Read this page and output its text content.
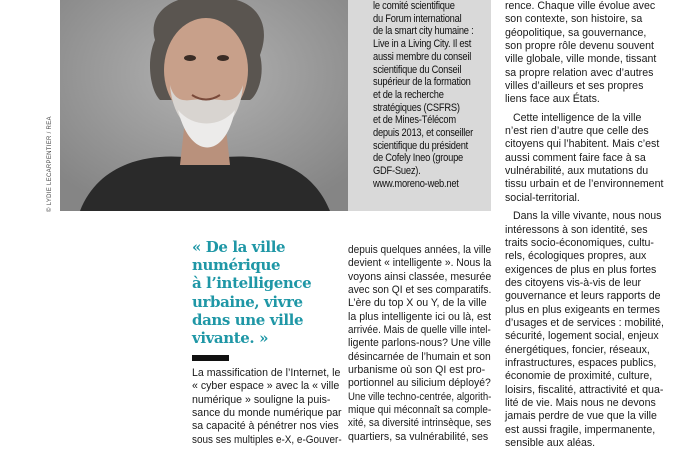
© LYDIE LECARPENTIER / REA
le comité scientifique
du Forum international
de la smart city humaine :
Live in a Living City. Il est
aussi membre du conseil
scientifique du Conseil
supérieur de la formation
et de la recherche
stratégiques (CSFRS)
et de Mines-Télécom
depuis 2013, et conseiller
scientifique du président
de Cofely Ineo (groupe
GDF-Suez).
www.moreno-web.net
rence. Chaque ville évolue avec
son contexte, son histoire, sa
géopolitique, sa gouvernance,
son propre rôle devenu souvent
ville globale, ville monde, tissant
sa propre relation avec d’autres
villes d’ailleurs et ses propres
liens face aux États.
Cette intelligence de la ville
n’est rien d’autre que celle des
citoyens qui l’habitent. Mais c’est
aussi comment faire face à sa
vulnérabilité, aux mutations du
tissu urbain et de l’environnement
social-territorial.
Dans la ville vivante, nous nous
intéressons à son identité, ses
traits socio-économiques, cultu-
rels, écologiques propres, aux
exigences de plus en plus fortes
des citoyens vis-à-vis de leur
gouvernance et leurs rapports de
plus en plus exigeants en termes
d’usages et de services : mobilité,
sécurité, logement social, enjeux
énergétiques, foncier, réseaux,
infrastructures, espaces publics,
économie de proximité, culture,
loisirs, fiscalité, attractivité et qua-
lité de vie. Mais nous ne devons
jamais perdre de vue que la ville
est aussi fragile, impermanente,
sensible aux aléas.
depuis quelques années, la ville
devient « intelligente ». Nous la
voyons ainsi classée, mesurée
avec son QI et ses comparatifs.
L’ère du top X ou Y, de la ville
la plus intelligente ici ou là, est
arrivée. Mais de quelle ville intel-
ligente parlons-nous? Une ville
désincarnée de l’humain et son
urbanisme où son QI est pro-
portionnel au silicium déployé?
Une ville techno-centrée, algorith-
mique qui méconnaît sa comple-
xité, sa diversité intrinsèque, ses
quartiers, sa vulnérabilité, ses
« De la ville
numérique
à l’intelligence
urbaine, vivre
dans une ville
vivante. »
La massification de l’Internet, le
« cyber espace » avec la « ville
numérique » souligne la puis-
sance du monde numérique par
sa capacité à pénétrer nos vies
sous ses multiples e-X, e-Gouver-
